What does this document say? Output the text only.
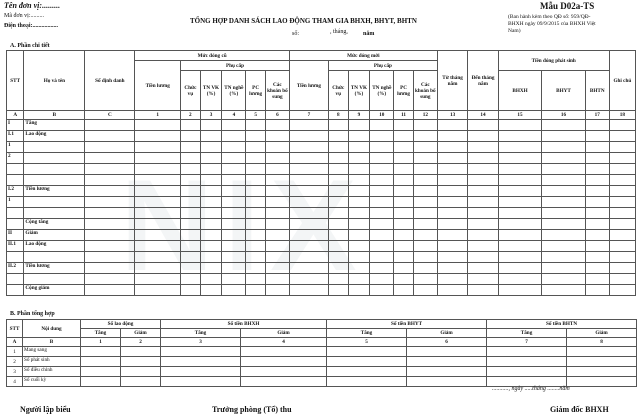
NIX
Tên đơn vị:.........
Mã đơn vị:.........
Điện thoại:.................
Mẫu D02a-TS
(Ban hành kèm theo QĐ số: 959/QĐ-
BHXH ngày 09/9/2015 của BHXH Việt
Nam)
TỔNG HỢP DANH SÁCH LAO ĐỘNG THAM GIA BHXH, BHYT, BHTN
số:	, tháng,	năm
A. Phần chi tiết
STT	Họ và tên	Số định danh	Mức đóng cũ						Mức đóng mới						Từ tháng năm	Đến tháng năm	Tiền đóng phát sinh			Ghi chú
			Tiền lương	Phụ cấp					Tiền lương	Phụ cấp										
				Chức vụ	TN VK (%)	TN nghề (%)	PC lương	Các khoản bổ sung		Chức vụ	TN VK (%)	TN nghề (%)	PC lương	Các khoản bổ sung			BHXH	BHYT	BHTN	
A	B	C	1	2	3	4	5	6	7	8	9	10	11	12	13	14	15	16	17	18
I	Tăng																			
I.1	Lao động																			
1																				
2																				

I.2	Tiền lương																			
1																				

	Cộng tăng																			
II	Giảm																			
II.1	Lao động																			

II.2	Tiền lương																			

	Cộng giảm																			
B. Phần tổng hợp
STT	Nội dung	Số lao động		Số tiền BHXH		Số tiền BHYT		Số tiền BHTN	
		Tăng	Giảm	Tăng	Giảm	Tăng	Giảm	Tăng	Giảm
A	B	1	2	3	4	5	6	7	8
1	Mang sang								
2	Số phát sinh								
3	Số điều chỉnh								
4	Số cuối kỳ								
..........., ngày .....tháng ........năm
Người lập biểu	Trưởng phòng (Tổ) thu	Giám đốc BHXH
